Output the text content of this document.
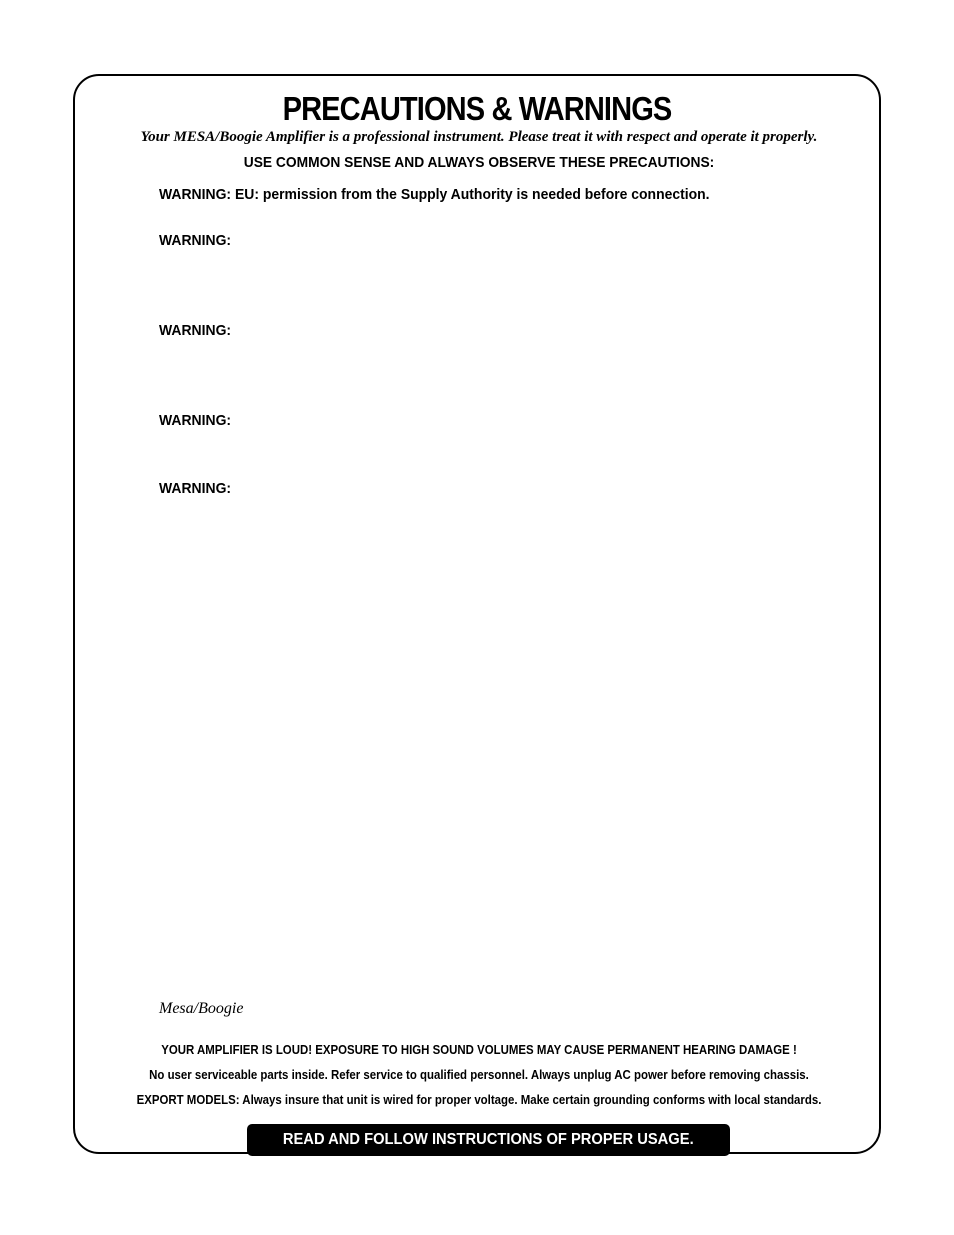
PRECAUTIONS & WARNINGS
Your MESA/Boogie Amplifier is a professional instrument. Please treat it with respect and operate it properly.
USE COMMON SENSE AND ALWAYS OBSERVE THESE PRECAUTIONS:
WARNING: EU: permission from the Supply Authority is needed before connection.
WARNING:
WARNING:
WARNING:
WARNING:
Mesa/Boogie
YOUR AMPLIFIER IS LOUD! EXPOSURE TO HIGH SOUND VOLUMES MAY CAUSE PERMANENT HEARING DAMAGE !
No user serviceable parts inside. Refer service to qualified personnel. Always unplug AC power before removing chassis.
EXPORT MODELS: Always insure that unit is wired for proper voltage. Make certain grounding conforms with local standards.
READ AND FOLLOW INSTRUCTIONS OF PROPER USAGE.
